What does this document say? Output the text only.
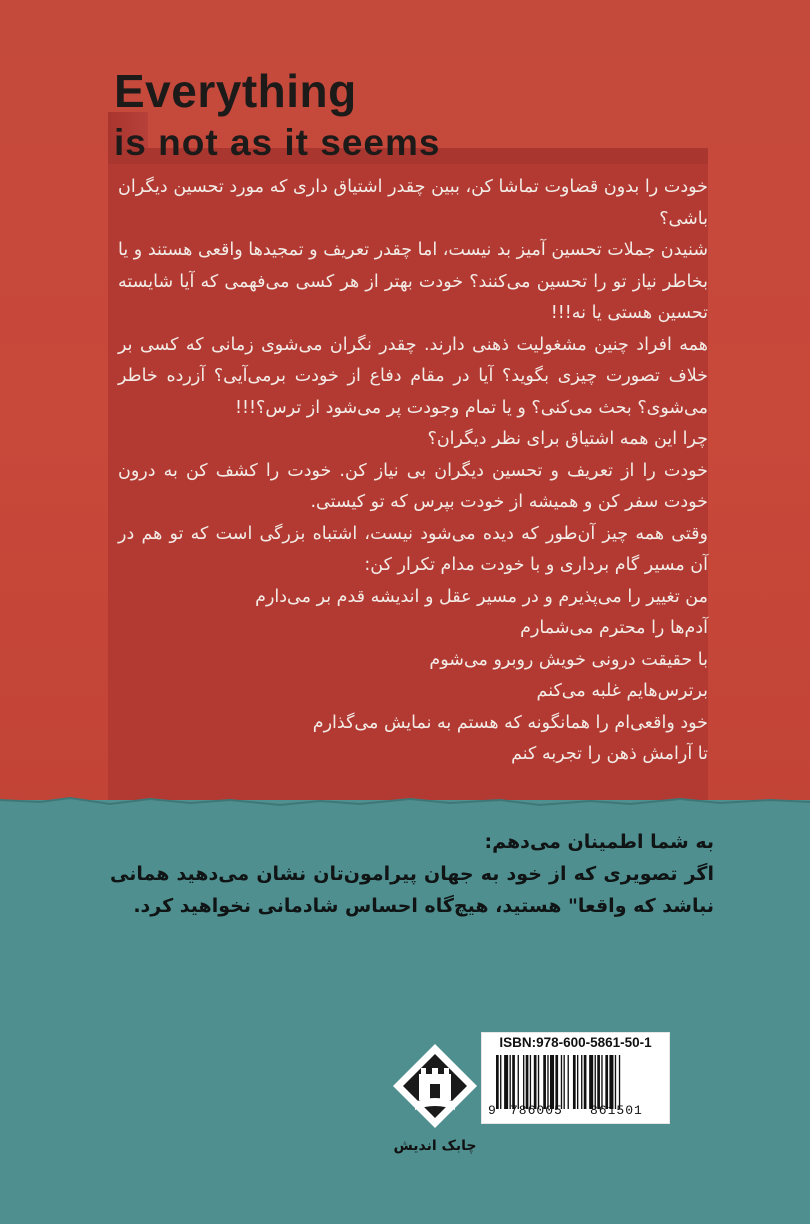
Everything
is not as it seems

خودت را بدون قضاوت تماشا کن، ببین چقدر اشتیاق داری که مورد تحسین دیگران باشی؟

شنیدن جملات تحسین آمیز بد نیست، اما چقدر تعریف و تمجیدها واقعی هستند و یا بخاطر نیاز تو را تحسین می‌کنند؟ خودت بهتر از هر کسی می‌فهمی که آیا شایسته تحسین هستی یا نه!!!

همه افراد چنین مشغولیت ذهنی دارند. چقدر نگران می‌شوی زمانی که کسی بر خلاف تصورت چیزی بگوید؟ آیا در مقام دفاع از خودت برمی‌آیی؟ آزرده خاطر می‌شوی؟ بحث می‌کنی؟ و یا تمام وجودت پر می‌شود از ترس؟!!!

چرا این همه اشتیاق برای نظر دیگران؟

خودت را از تعریف و تحسین دیگران بی نیاز کن. خودت را کشف کن به درون خودت سفر کن و همیشه از خودت بپرس که تو کیستی.

وقتی همه چیز آن‌طور که دیده می‌شود نیست، اشتباه بزرگی است که تو هم در آن مسیر گام برداری و با خودت مدام تکرار کن:

من تغییر را می‌پذیرم و در مسیر عقل و اندیشه قدم بر می‌دارم

آدم‌ها را محترم می‌شمارم

با حقیقت درونی خویش روبرو می‌شوم

برترس‌هایم غلبه می‌کنم

خود واقعی‌ام را همانگونه که هستم به نمایش می‌گذارم

تا آرامش ذهن را تجربه کنم

به شما اطمینان می‌دهم:

اگر تصویری که از خود به جهان پیرامون‌تان نشان می‌دهید همانی نباشد که واقعا" هستید، هیچ‌گاه احساس شادمانی نخواهید کرد.

چابک اندیش
ISBN:978-600-5861-50-1
9 786005 861501
